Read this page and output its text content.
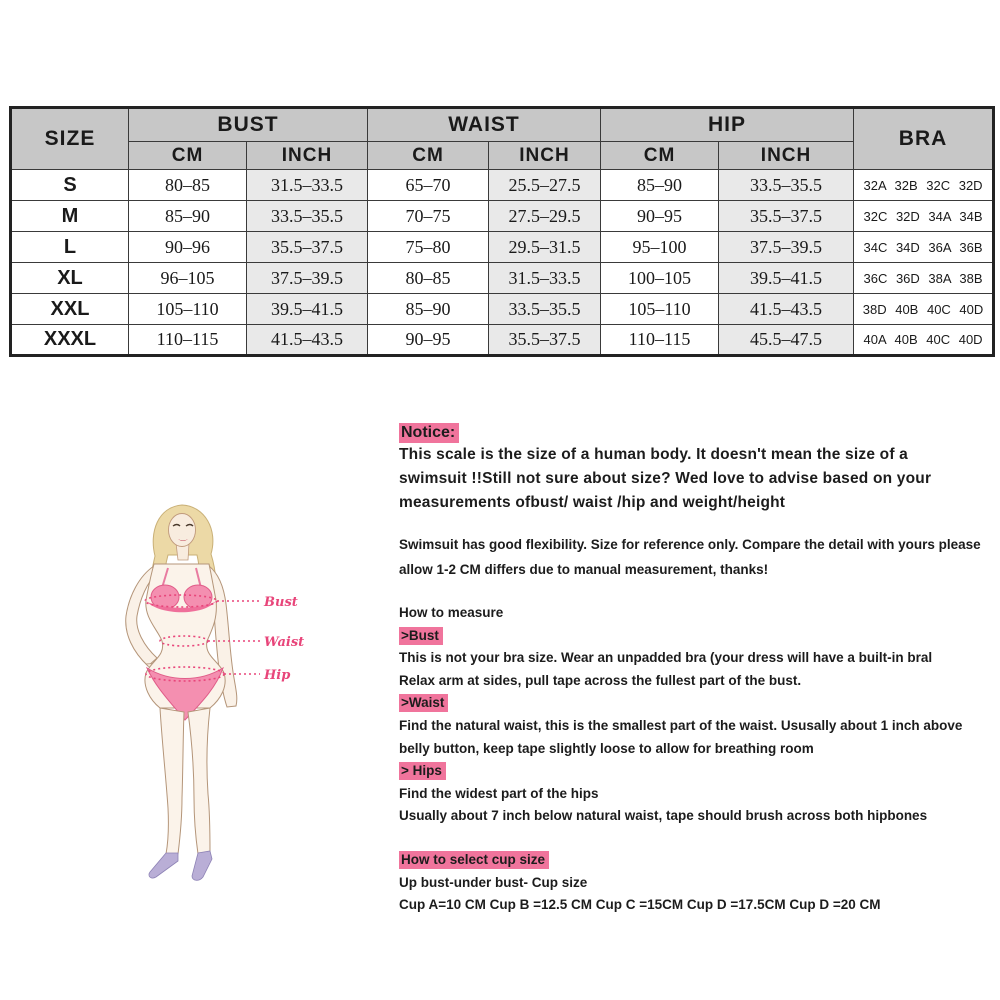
SIZE	BUST		WAIST		HIP		BRA
	CM	INCH	CM	INCH	CM	INCH	
S	80–85	31.5–33.5	65–70	25.5–27.5	85–90	33.5–35.5	32A 32B 32C 32D
M	85–90	33.5–35.5	70–75	27.5–29.5	90–95	35.5–37.5	32C 32D 34A 34B
L	90–96	35.5–37.5	75–80	29.5–31.5	95–100	37.5–39.5	34C 34D 36A 36B
XL	96–105	37.5–39.5	80–85	31.5–33.5	100–105	39.5–41.5	36C 36D 38A 38B
XXL	105–110	39.5–41.5	85–90	33.5–35.5	105–110	41.5–43.5	38D 40B 40C 40D
XXXL	110–115	41.5–43.5	90–95	35.5–37.5	110–115	45.5–47.5	40A 40B 40C 40D
Bust
Waist
Hip
Notice:
This scale is the size of a human body. It doesn't mean the size of a
swimsuit !!Still not sure about size? Wed love to advise based on your
measurements ofbust/ waist /hip and weight/height
Swimsuit has good flexibility. Size for reference only. Compare the detail with yours please
allow 1-2 CM differs due to manual measurement, thanks!
How to measure
>Bust
This is not your bra size. Wear an unpadded bra (your dress will have a built-in bral
Relax arm at sides, pull tape across the fullest part of the bust.
>Waist
Find the natural waist, this is the smallest part of the waist. Ususally about 1 inch above
belly button, keep tape slightly loose to allow for breathing room
> Hips
Find the widest part of the hips
Usually about 7 inch below natural waist, tape should brush across both hipbones
How to select cup size
Up bust-under bust- Cup size
Cup A=10 CM Cup B =12.5 CM Cup C =15CM Cup D =17.5CM Cup D =20 CM
